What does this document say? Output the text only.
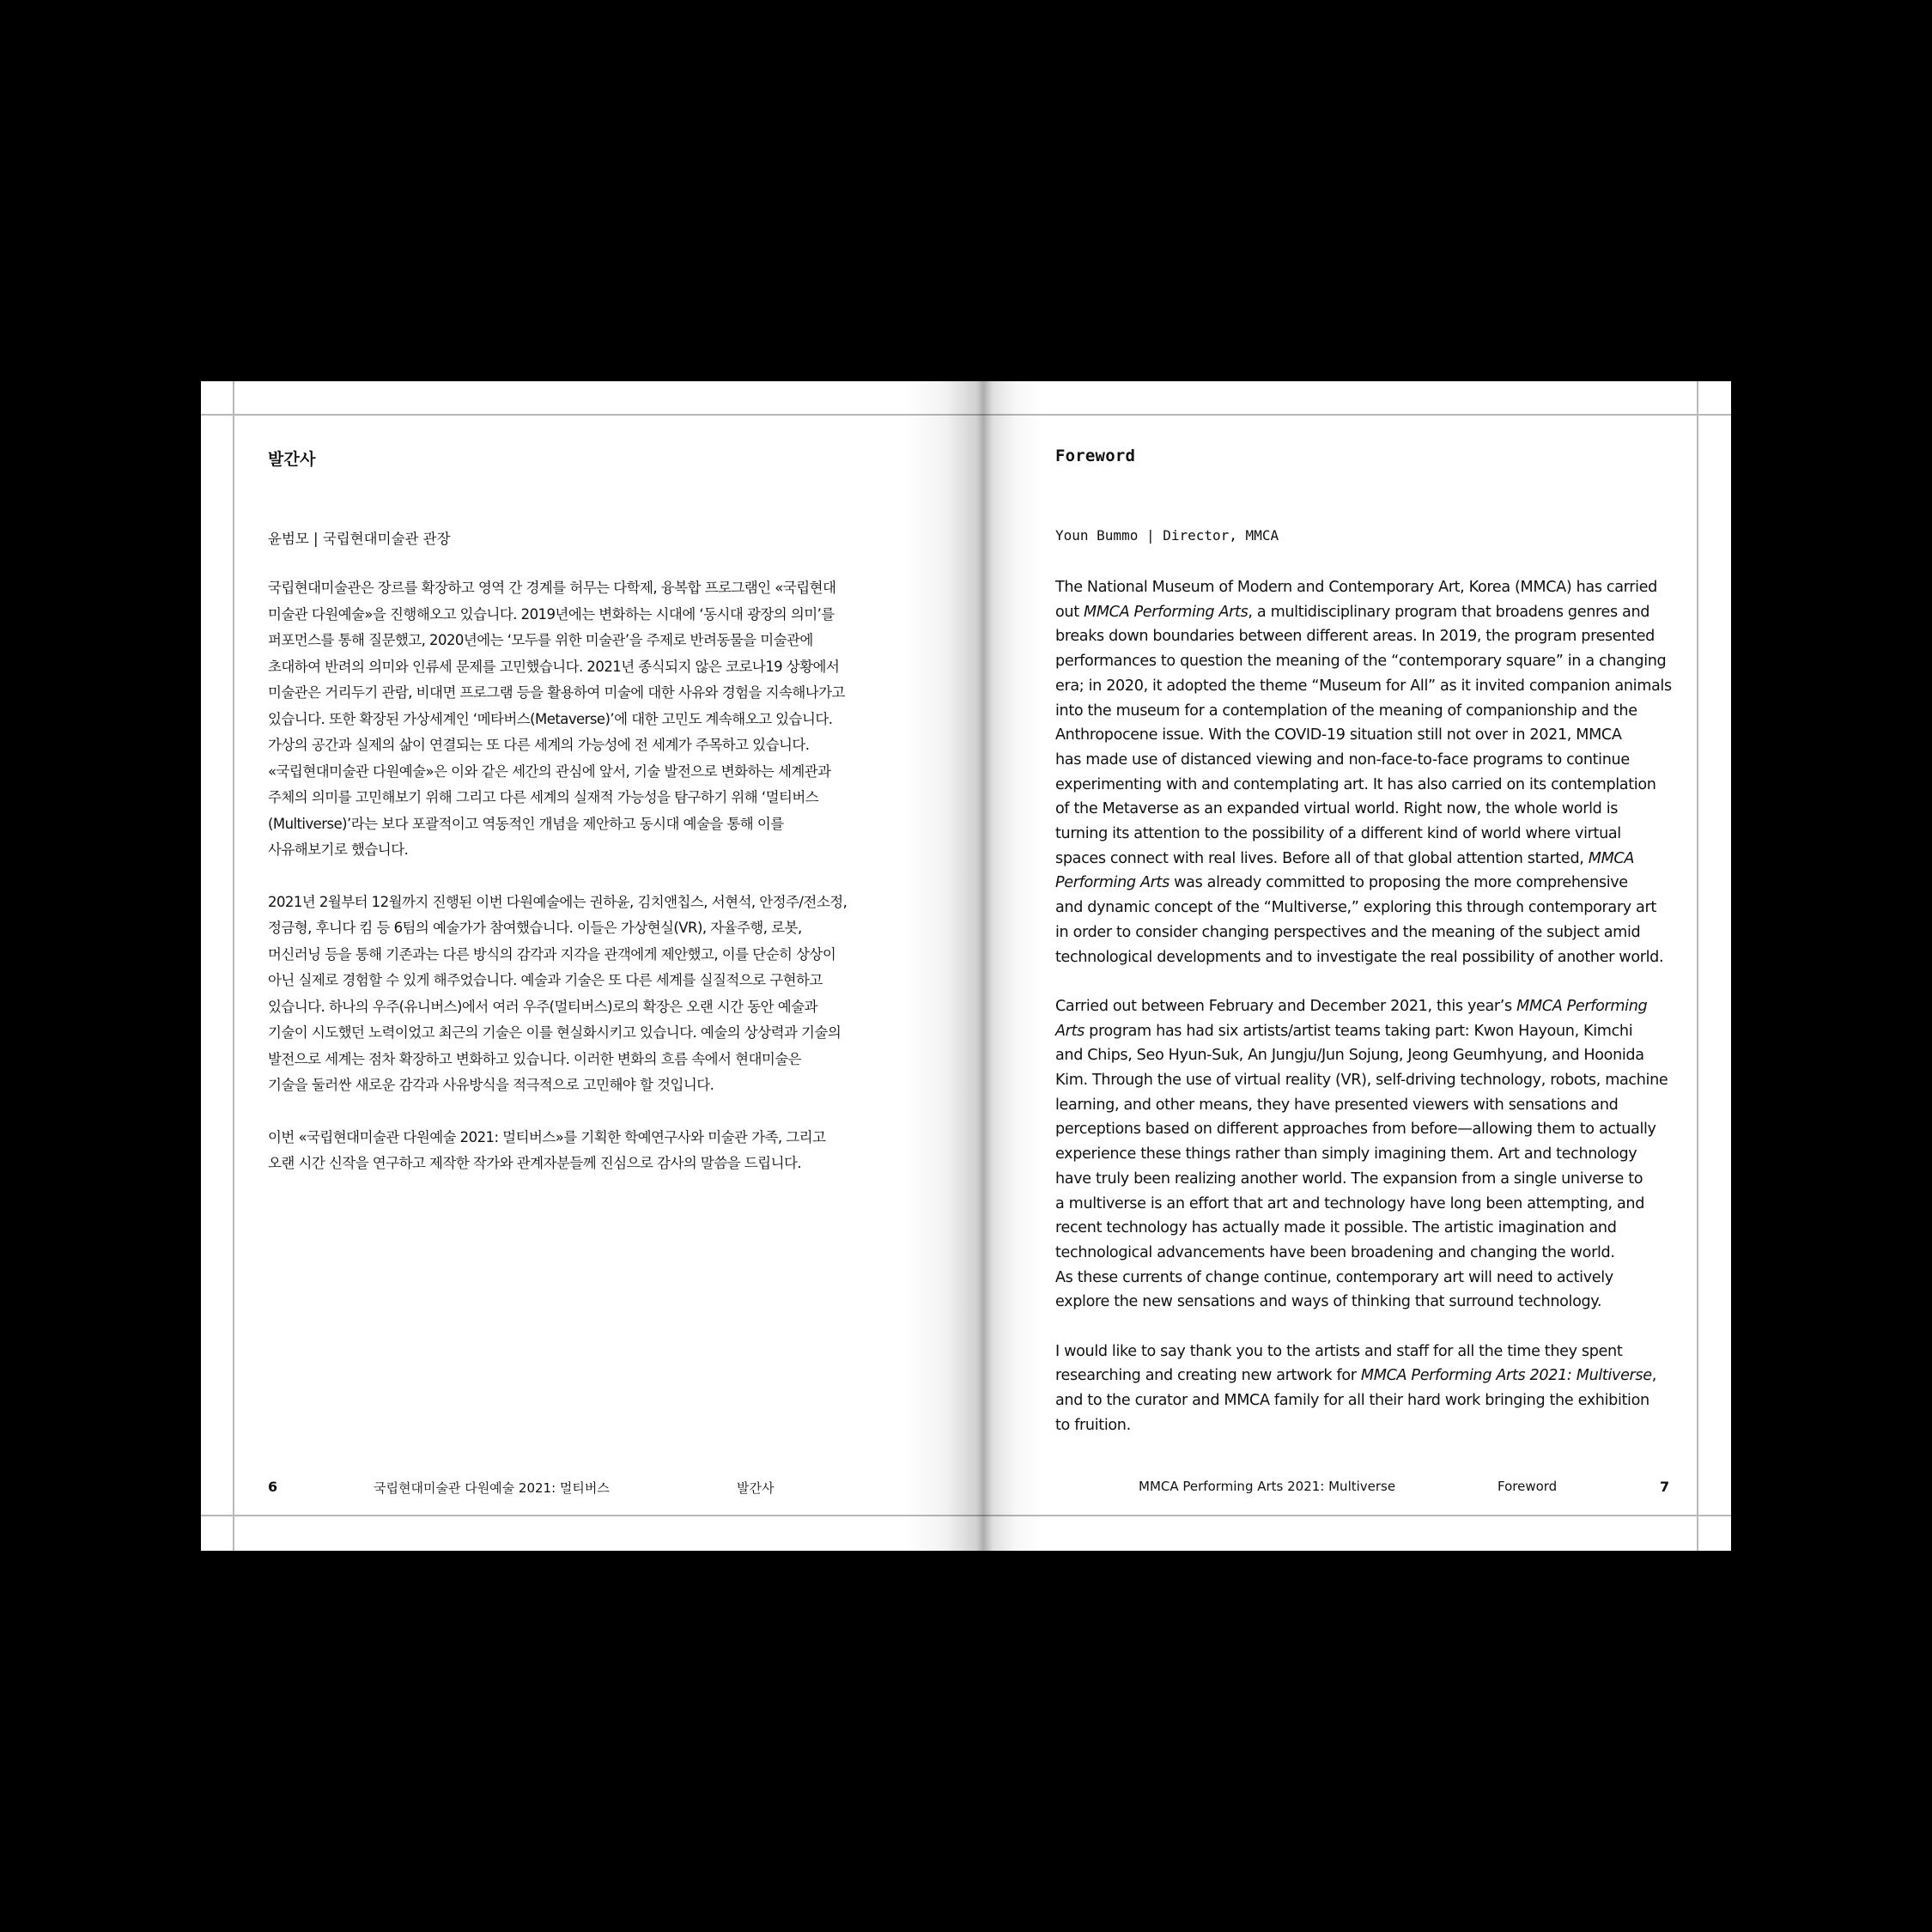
발간사
윤범모 | 국립현대미술관 관장

국립현대미술관은 장르를 확장하고 영역 간 경계를 허무는 다학제, 융복합 프로그램인 «국립현대
미술관 다원예술»을 진행해오고 있습니다. 2019년에는 변화하는 시대에 ‘동시대 광장의 의미’를
퍼포먼스를 통해 질문했고, 2020년에는 ‘모두를 위한 미술관’을 주제로 반려동물을 미술관에
초대하여 반려의 의미와 인류세 문제를 고민했습니다. 2021년 종식되지 않은 코로나19 상황에서
미술관은 거리두기 관람, 비대면 프로그램 등을 활용하여 미술에 대한 사유와 경험을 지속해나가고
있습니다. 또한 확장된 가상세계인 ‘메타버스(Metaverse)’에 대한 고민도 계속해오고 있습니다.
가상의 공간과 실제의 삶이 연결되는 또 다른 세계의 가능성에 전 세계가 주목하고 있습니다.
«국립현대미술관 다원예술»은 이와 같은 세간의 관심에 앞서, 기술 발전으로 변화하는 세계관과
주체의 의미를 고민해보기 위해 그리고 다른 세계의 실재적 가능성을 탐구하기 위해 ‘멀티버스
(Multiverse)’라는 보다 포괄적이고 역동적인 개념을 제안하고 동시대 예술을 통해 이를
사유해보기로 했습니다.

2021년 2월부터 12월까지 진행된 이번 다원예술에는 권하윤, 김치앤칩스, 서현석, 안정주/전소정,
정금형, 후니다 킴 등 6팀의 예술가가 참여했습니다. 이들은 가상현실(VR), 자율주행, 로봇,
머신러닝 등을 통해 기존과는 다른 방식의 감각과 지각을 관객에게 제안했고, 이를 단순히 상상이
아닌 실제로 경험할 수 있게 해주었습니다. 예술과 기술은 또 다른 세계를 실질적으로 구현하고
있습니다. 하나의 우주(유니버스)에서 여러 우주(멀티버스)로의 확장은 오랜 시간 동안 예술과
기술이 시도했던 노력이었고 최근의 기술은 이를 현실화시키고 있습니다. 예술의 상상력과 기술의
발전으로 세계는 점차 확장하고 변화하고 있습니다. 이러한 변화의 흐름 속에서 현대미술은
기술을 둘러싼 새로운 감각과 사유방식을 적극적으로 고민해야 할 것입니다.

이번 «국립현대미술관 다원예술 2021: 멀티버스»를 기획한 학예연구사와 미술관 가족, 그리고
오랜 시간 신작을 연구하고 제작한 작가와 관계자분들께 진심으로 감사의 말씀을 드립니다.

6	국립현대미술관 다원예술 2021: 멀티버스	발간사
Foreword
Youn Bummo | Director, MMCA

The National Museum of Modern and Contemporary Art, Korea (MMCA) has carried
out MMCA Performing Arts, a multidisciplinary program that broadens genres and
breaks down boundaries between different areas. In 2019, the program presented
performances to question the meaning of the “contemporary square” in a changing
era; in 2020, it adopted the theme “Museum for All” as it invited companion animals
into the museum for a contemplation of the meaning of companionship and the
Anthropocene issue. With the COVID-19 situation still not over in 2021, MMCA
has made use of distanced viewing and non-face-to-face programs to continue
experimenting with and contemplating art. It has also carried on its contemplation
of the Metaverse as an expanded virtual world. Right now, the whole world is
turning its attention to the possibility of a different kind of world where virtual
spaces connect with real lives. Before all of that global attention started, MMCA
Performing Arts was already committed to proposing the more comprehensive
and dynamic concept of the “Multiverse,” exploring this through contemporary art
in order to consider changing perspectives and the meaning of the subject amid
technological developments and to investigate the real possibility of another world.

Carried out between February and December 2021, this year’s MMCA Performing
Arts program has had six artists/artist teams taking part: Kwon Hayoun, Kimchi
and Chips, Seo Hyun-Suk, An Jungju/Jun Sojung, Jeong Geumhyung, and Hoonida
Kim. Through the use of virtual reality (VR), self-driving technology, robots, machine
learning, and other means, they have presented viewers with sensations and
perceptions based on different approaches from before—allowing them to actually
experience these things rather than simply imagining them. Art and technology
have truly been realizing another world. The expansion from a single universe to
a multiverse is an effort that art and technology have long been attempting, and
recent technology has actually made it possible. The artistic imagination and
technological advancements have been broadening and changing the world.
As these currents of change continue, contemporary art will need to actively
explore the new sensations and ways of thinking that surround technology.

I would like to say thank you to the artists and staff for all the time they spent
researching and creating new artwork for MMCA Performing Arts 2021: Multiverse,
and to the curator and MMCA family for all their hard work bringing the exhibition
to fruition.

MMCA Performing Arts 2021: Multiverse	Foreword	7
